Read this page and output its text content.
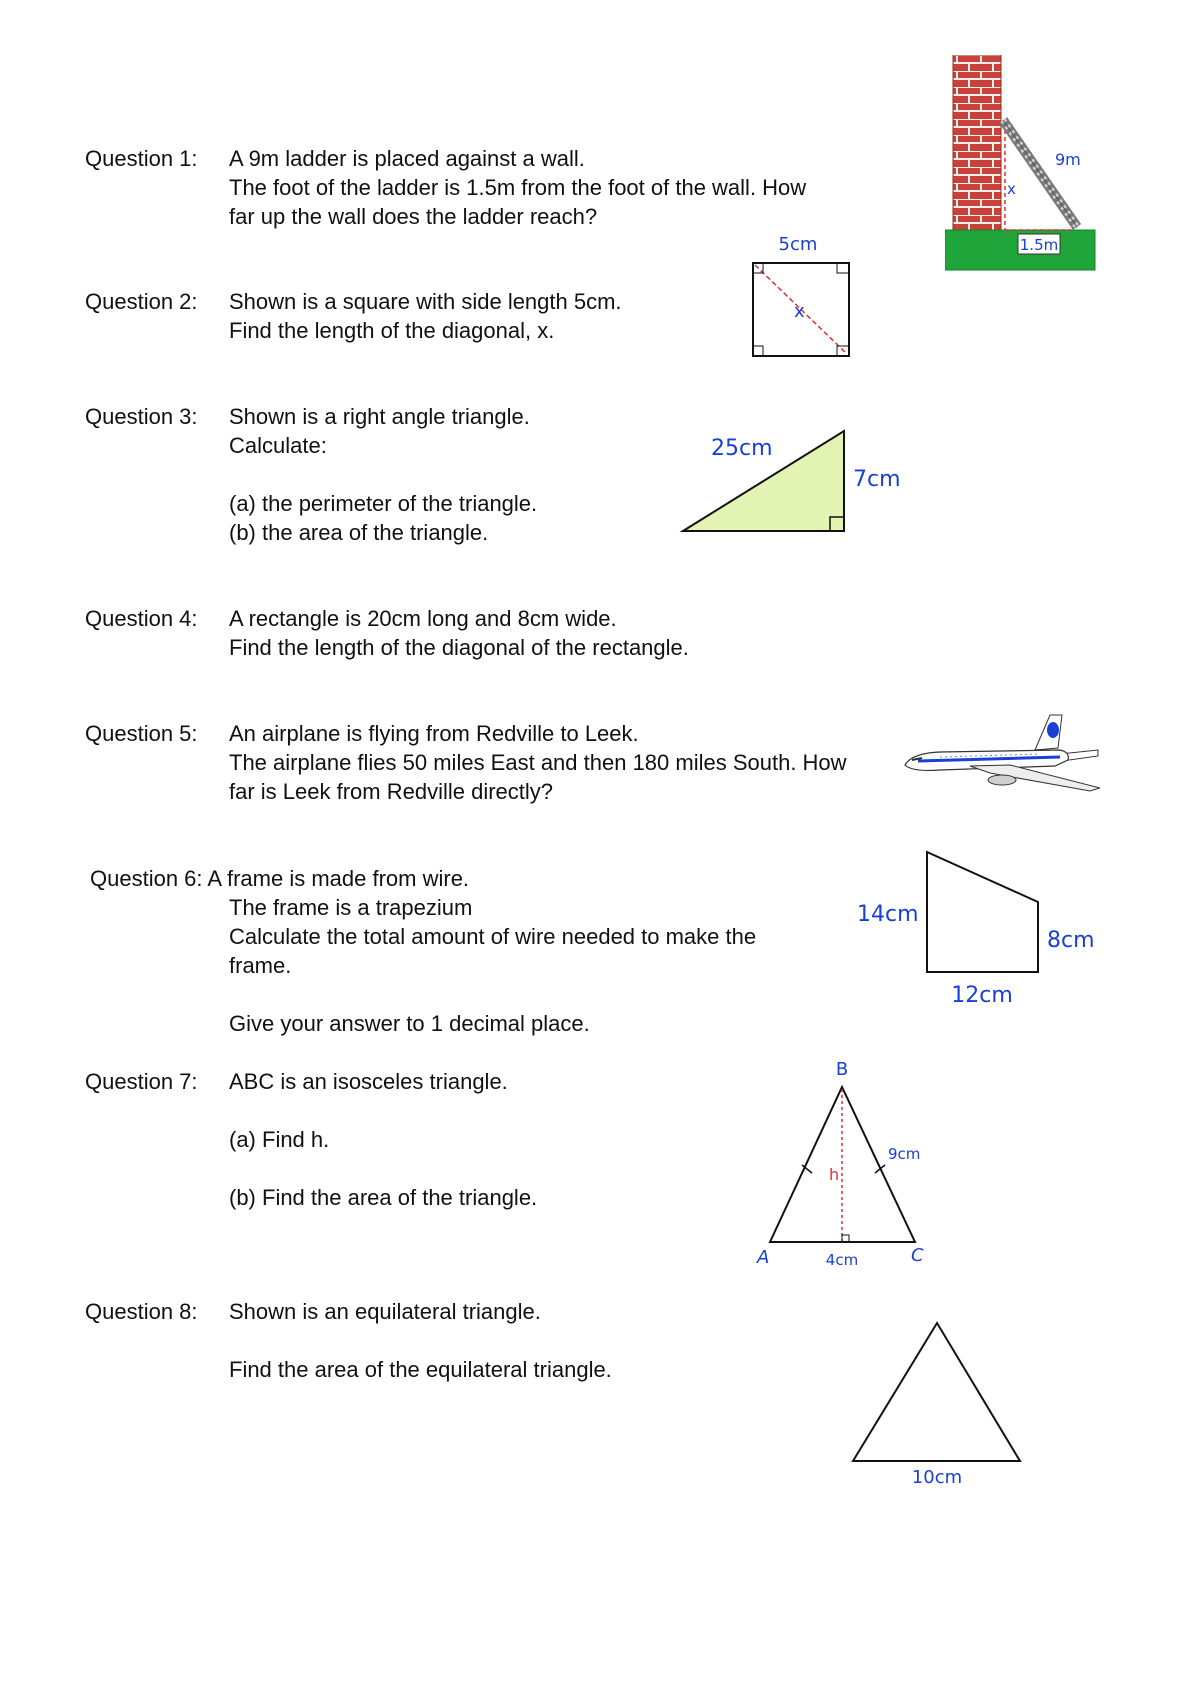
Question 1: A 9m ladder is placed against a wall.
The foot of the ladder is 1.5m from the foot of the wall. How
far up the wall does the ladder reach?
Question 2: Shown is a square with side length 5cm.
Find the length of the diagonal, x.
Question 3: Shown is a right angle triangle.
Calculate:
(a) the perimeter of the triangle.
(b) the area of the triangle.
Question 4: A rectangle is 20cm long and 8cm wide.
Find the length of the diagonal of the rectangle.
Question 5: An airplane is flying from Redville to Leek.
The airplane flies 50 miles East and then 180 miles South. How
far is Leek from Redville directly?
Question 6: A frame is made from wire.
The frame is a trapezium
Calculate the total amount of wire needed to make the
frame.
Give your answer to 1 decimal place.
Question 7: ABC is an isosceles triangle.
(a) Find h.
(b) Find the area of the triangle.
Question 8: Shown is an equilateral triangle.
Find the area of the equilateral triangle.
1.5m
9m
x
5cm
x
25cm
7cm
14cm
8cm
12cm
B
A	C
9cm
4cm
h
10cm
